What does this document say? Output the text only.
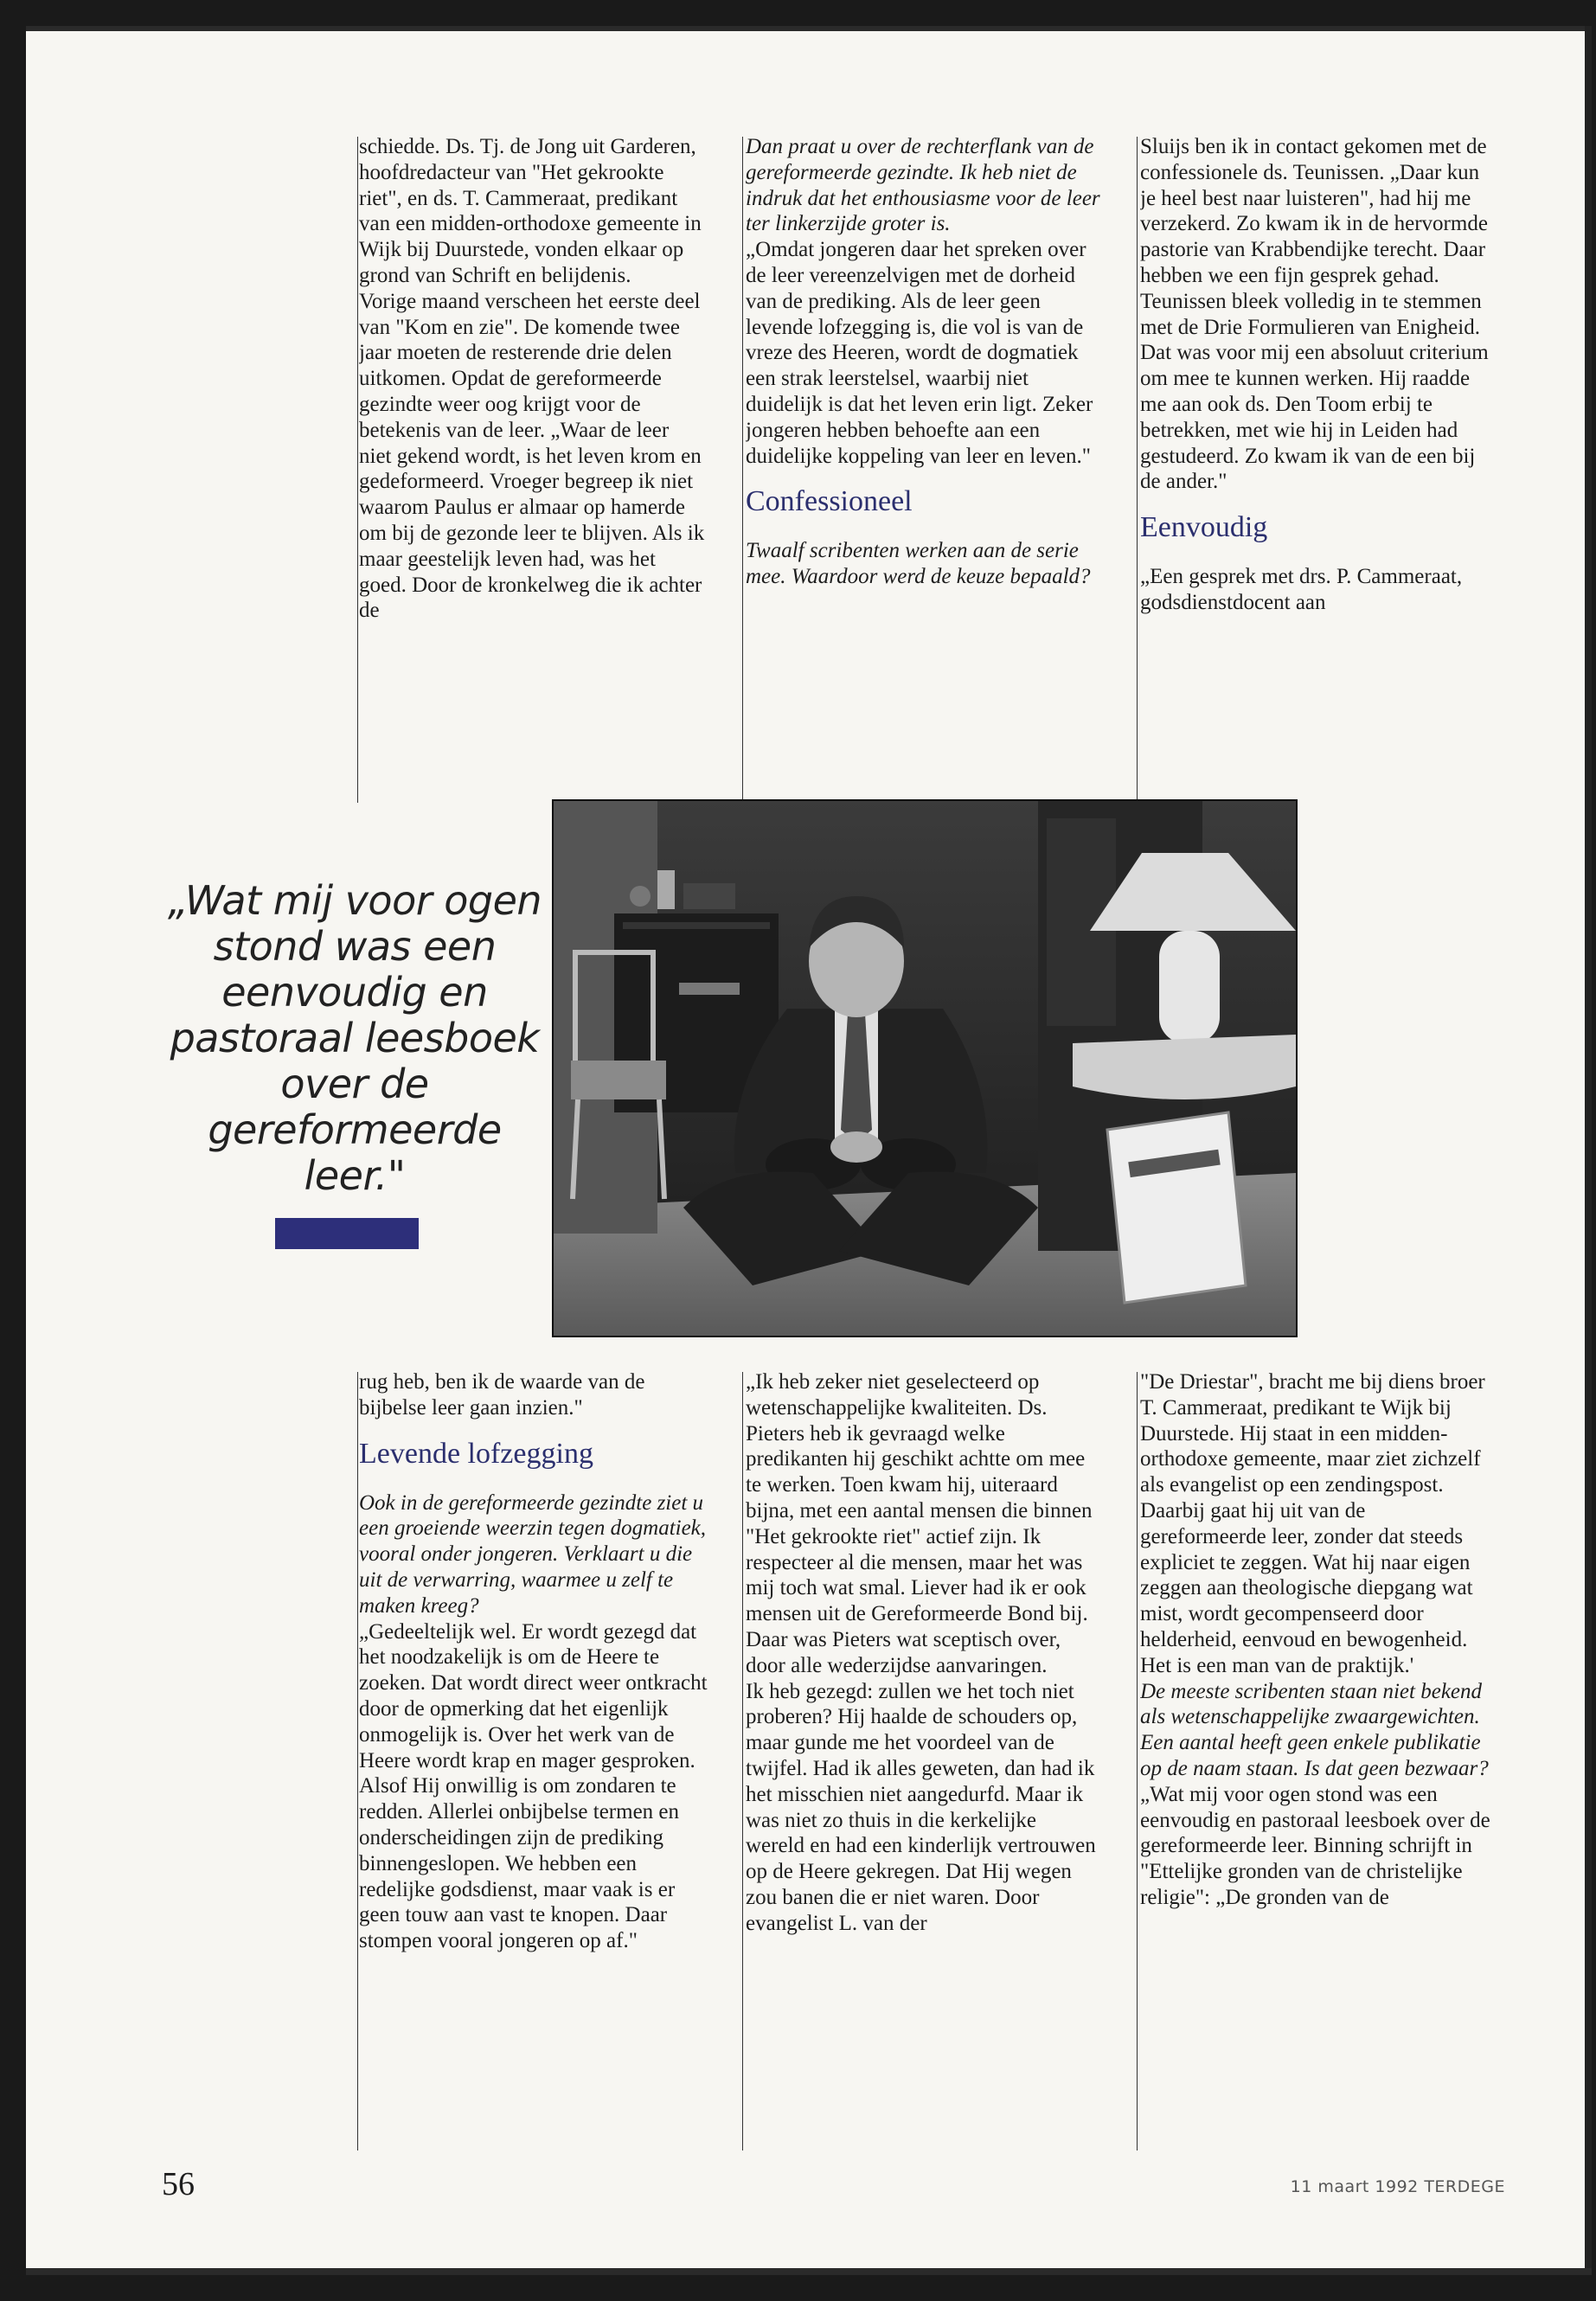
schiedde. Ds. Tj. de Jong uit Garderen, hoofdredacteur van "Het gekrookte riet", en ds. T. Cammeraat, predikant van een midden-orthodoxe gemeente in Wijk bij Duurstede, vonden elkaar op grond van Schrift en belijdenis.

Vorige maand verscheen het eerste deel van "Kom en zie". De komende twee jaar moeten de resterende drie delen uitkomen. Opdat de gereformeerde gezindte weer oog krijgt voor de betekenis van de leer. „Waar de leer niet gekend wordt, is het leven krom en gedeformeerd. Vroeger begreep ik niet waarom Paulus er almaar op hamerde om bij de gezonde leer te blijven. Als ik maar geestelijk leven had, was het goed. Door de kronkelweg die ik achter de

Dan praat u over de rechterflank van de gereformeerde gezindte. Ik heb niet de indruk dat het enthousiasme voor de leer ter linkerzijde groter is.

„Omdat jongeren daar het spreken over de leer vereenzelvigen met de dorheid van de prediking. Als de leer geen levende lofzegging is, die vol is van de vreze des Heeren, wordt de dogmatiek een strak leerstelsel, waarbij niet duidelijk is dat het leven erin ligt. Zeker jongeren hebben behoefte aan een duidelijke koppeling van leer en leven."

Confessioneel

Twaalf scribenten werken aan de serie mee. Waardoor werd de keuze bepaald?

Sluijs ben ik in contact gekomen met de confessionele ds. Teunissen. „Daar kun je heel best naar luisteren", had hij me verzekerd. Zo kwam ik in de hervormde pastorie van Krabbendijke terecht. Daar hebben we een fijn gesprek gehad. Teunissen bleek volledig in te stemmen met de Drie Formulieren van Enigheid. Dat was voor mij een absoluut criterium om mee te kunnen werken. Hij raadde me aan ook ds. Den Toom erbij te betrekken, met wie hij in Leiden had gestudeerd. Zo kwam ik van de een bij de ander."

Eenvoudig

„Een gesprek met drs. P. Cammeraat, godsdienstdocent aan

„Wat mij voor ogen stond was een eenvoudig en pastoraal leesboek over de gereformeerde leer."

rug heb, ben ik de waarde van de bijbelse leer gaan inzien."

Levende lofzegging

Ook in de gereformeerde gezindte ziet u een groeiende weerzin tegen dogmatiek, vooral onder jongeren. Verklaart u die uit de verwarring, waarmee u zelf te maken kreeg?

„Gedeeltelijk wel. Er wordt gezegd dat het noodzakelijk is om de Heere te zoeken. Dat wordt direct weer ontkracht door de opmerking dat het eigenlijk onmogelijk is. Over het werk van de Heere wordt krap en mager gesproken. Alsof Hij onwillig is om zondaren te redden. Allerlei onbijbelse termen en onderscheidingen zijn de prediking binnengeslopen. We hebben een redelijke godsdienst, maar vaak is er geen touw aan vast te knopen. Daar stompen vooral jongeren op af."

„Ik heb zeker niet geselecteerd op wetenschappelijke kwaliteiten. Ds. Pieters heb ik gevraagd welke predikanten hij geschikt achtte om mee te werken. Toen kwam hij, uiteraard bijna, met een aantal mensen die binnen "Het gekrookte riet" actief zijn. Ik respecteer al die mensen, maar het was mij toch wat smal. Liever had ik er ook mensen uit de Gereformeerde Bond bij. Daar was Pieters wat sceptisch over, door alle wederzijdse aanvaringen.

Ik heb gezegd: zullen we het toch niet proberen? Hij haalde de schouders op, maar gunde me het voordeel van de twijfel. Had ik alles geweten, dan had ik het misschien niet aangedurfd. Maar ik was niet zo thuis in die kerkelijke wereld en had een kinderlijk vertrouwen op de Heere gekregen. Dat Hij wegen zou banen die er niet waren. Door evangelist L. van der

"De Driestar", bracht me bij diens broer T. Cammeraat, predikant te Wijk bij Duurstede. Hij staat in een midden-orthodoxe gemeente, maar ziet zichzelf als evangelist op een zendingspost. Daarbij gaat hij uit van de gereformeerde leer, zonder dat steeds expliciet te zeggen. Wat hij naar eigen zeggen aan theologische diepgang wat mist, wordt gecompenseerd door helderheid, eenvoud en bewogenheid. Het is een man van de praktijk.'

De meeste scribenten staan niet bekend als wetenschappelijke zwaargewichten. Een aantal heeft geen enkele publikatie op de naam staan. Is dat geen bezwaar?

„Wat mij voor ogen stond was een eenvoudig en pastoraal leesboek over de gereformeerde leer. Binning schrijft in "Ettelijke gronden van de christelijke religie": „De gronden van de

56	11 maart 1992 TERDEGE
